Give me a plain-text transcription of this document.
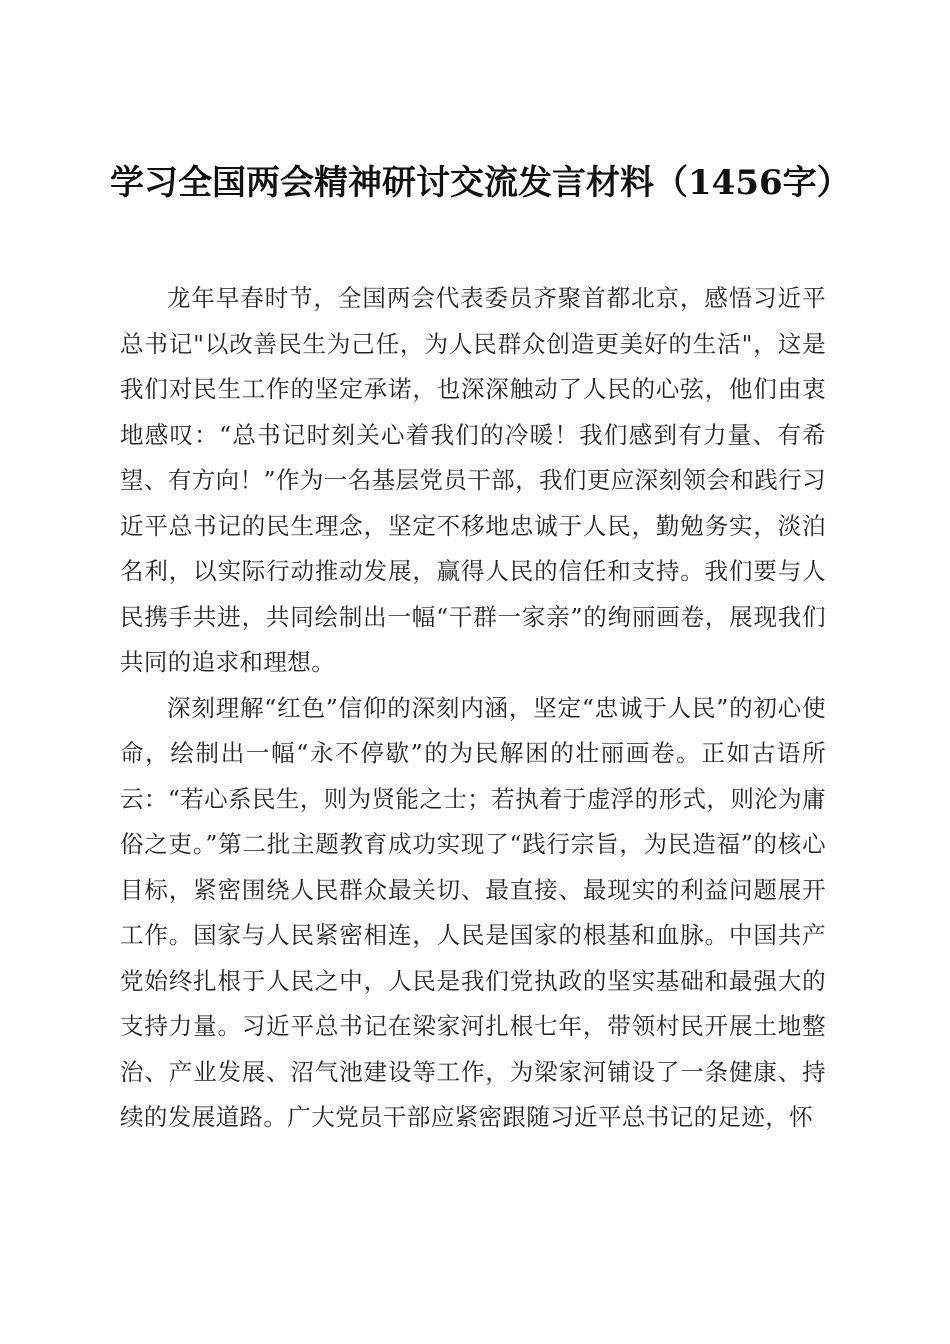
学习全国两会精神研讨交流发言材料（1456字）

龙年早春时节，全国两会代表委员齐聚首都北京，感悟习近平总书记"以改善民生为己任，为人民群众创造更美好的生活"，这是我们对民生工作的坚定承诺，也深深触动了人民的心弦，他们由衷地感叹：“总书记时刻关心着我们的冷暖！我们感到有力量、有希望、有方向！”作为一名基层党员干部，我们更应深刻领会和践行习近平总书记的民生理念，坚定不移地忠诚于人民，勤勉务实，淡泊名利，以实际行动推动发展，赢得人民的信任和支持。我们要与人民携手共进，共同绘制出一幅“干群一家亲”的绚丽画卷，展现我们共同的追求和理想。

深刻理解“红色”信仰的深刻内涵，坚定“忠诚于人民”的初心使命，绘制出一幅“永不停歇”的为民解困的壮丽画卷。正如古语所云：“若心系民生，则为贤能之士；若执着于虚浮的形式，则沦为庸俗之吏。”第二批主题教育成功实现了“践行宗旨，为民造福”的核心目标，紧密围绕人民群众最关切、最直接、最现实的利益问题展开工作。国家与人民紧密相连，人民是国家的根基和血脉。中国共产党始终扎根于人民之中，人民是我们党执政的坚实基础和最强大的支持力量。习近平总书记在梁家河扎根七年，带领村民开展土地整治、产业发展、沼气池建设等工作，为梁家河铺设了一条健康、持续的发展道路。广大党员干部应紧密跟随习近平总书记的足迹，怀
